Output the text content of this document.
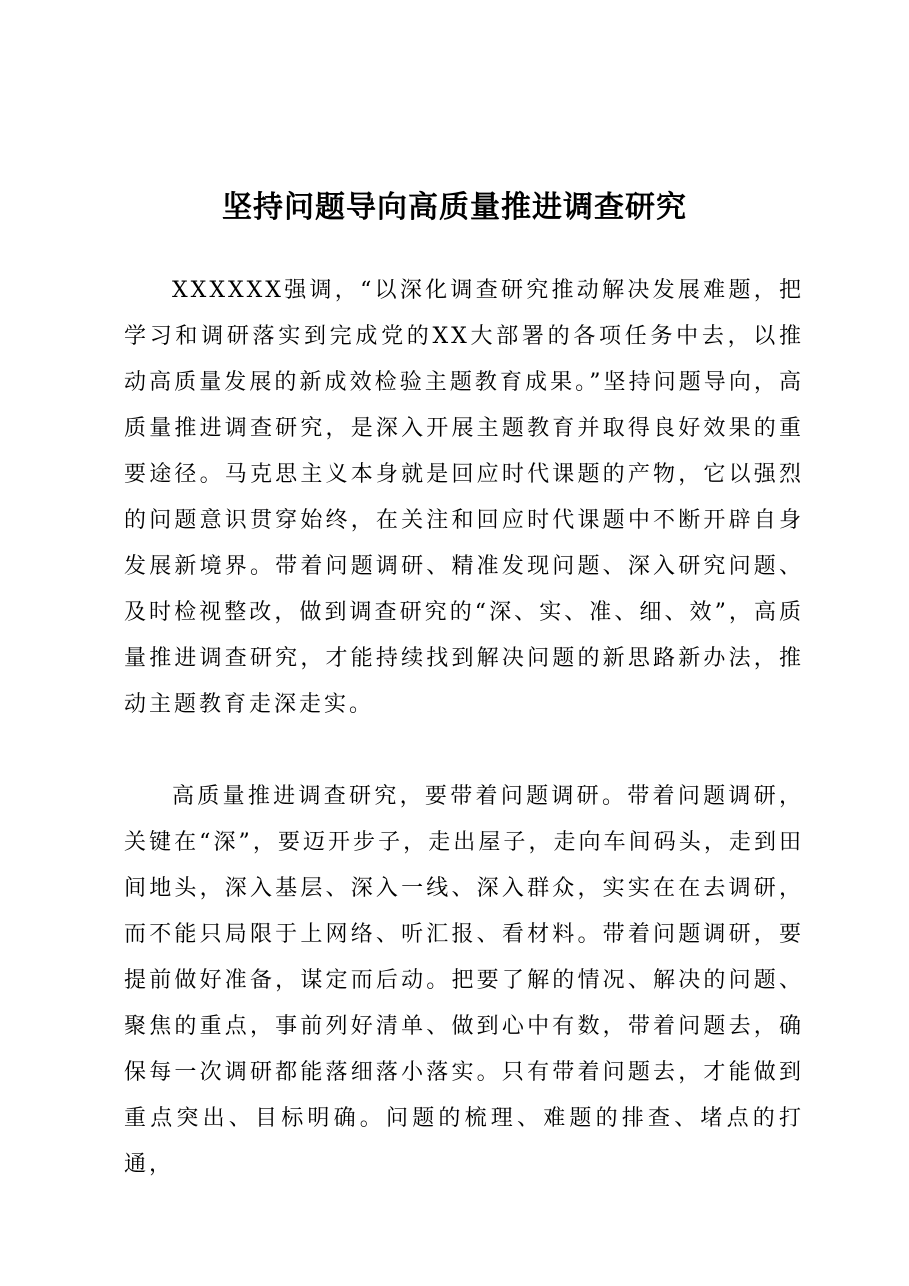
坚持问题导向高质量推进调查研究

XXXXXX强调，“以深化调查研究推动解决发展难题，把学习和调研落实到完成党的XX大部署的各项任务中去，以推动高质量发展的新成效检验主题教育成果。”坚持问题导向，高质量推进调查研究，是深入开展主题教育并取得良好效果的重要途径。马克思主义本身就是回应时代课题的产物，它以强烈的问题意识贯穿始终，在关注和回应时代课题中不断开辟自身发展新境界。带着问题调研、精准发现问题、深入研究问题、及时检视整改，做到调查研究的“深、实、准、细、效”，高质量推进调查研究，才能持续找到解决问题的新思路新办法，推动主题教育走深走实。

高质量推进调查研究，要带着问题调研。带着问题调研，关键在“深”，要迈开步子，走出屋子，走向车间码头，走到田间地头，深入基层、深入一线、深入群众，实实在在去调研，而不能只局限于上网络、听汇报、看材料。带着问题调研，要提前做好准备，谋定而后动。把要了解的情况、解决的问题、聚焦的重点，事前列好清单、做到心中有数，带着问题去，确保每一次调研都能落细落小落实。只有带着问题去，才能做到重点突出、目标明确。问题的梳理、难题的排查、堵点的打通，
